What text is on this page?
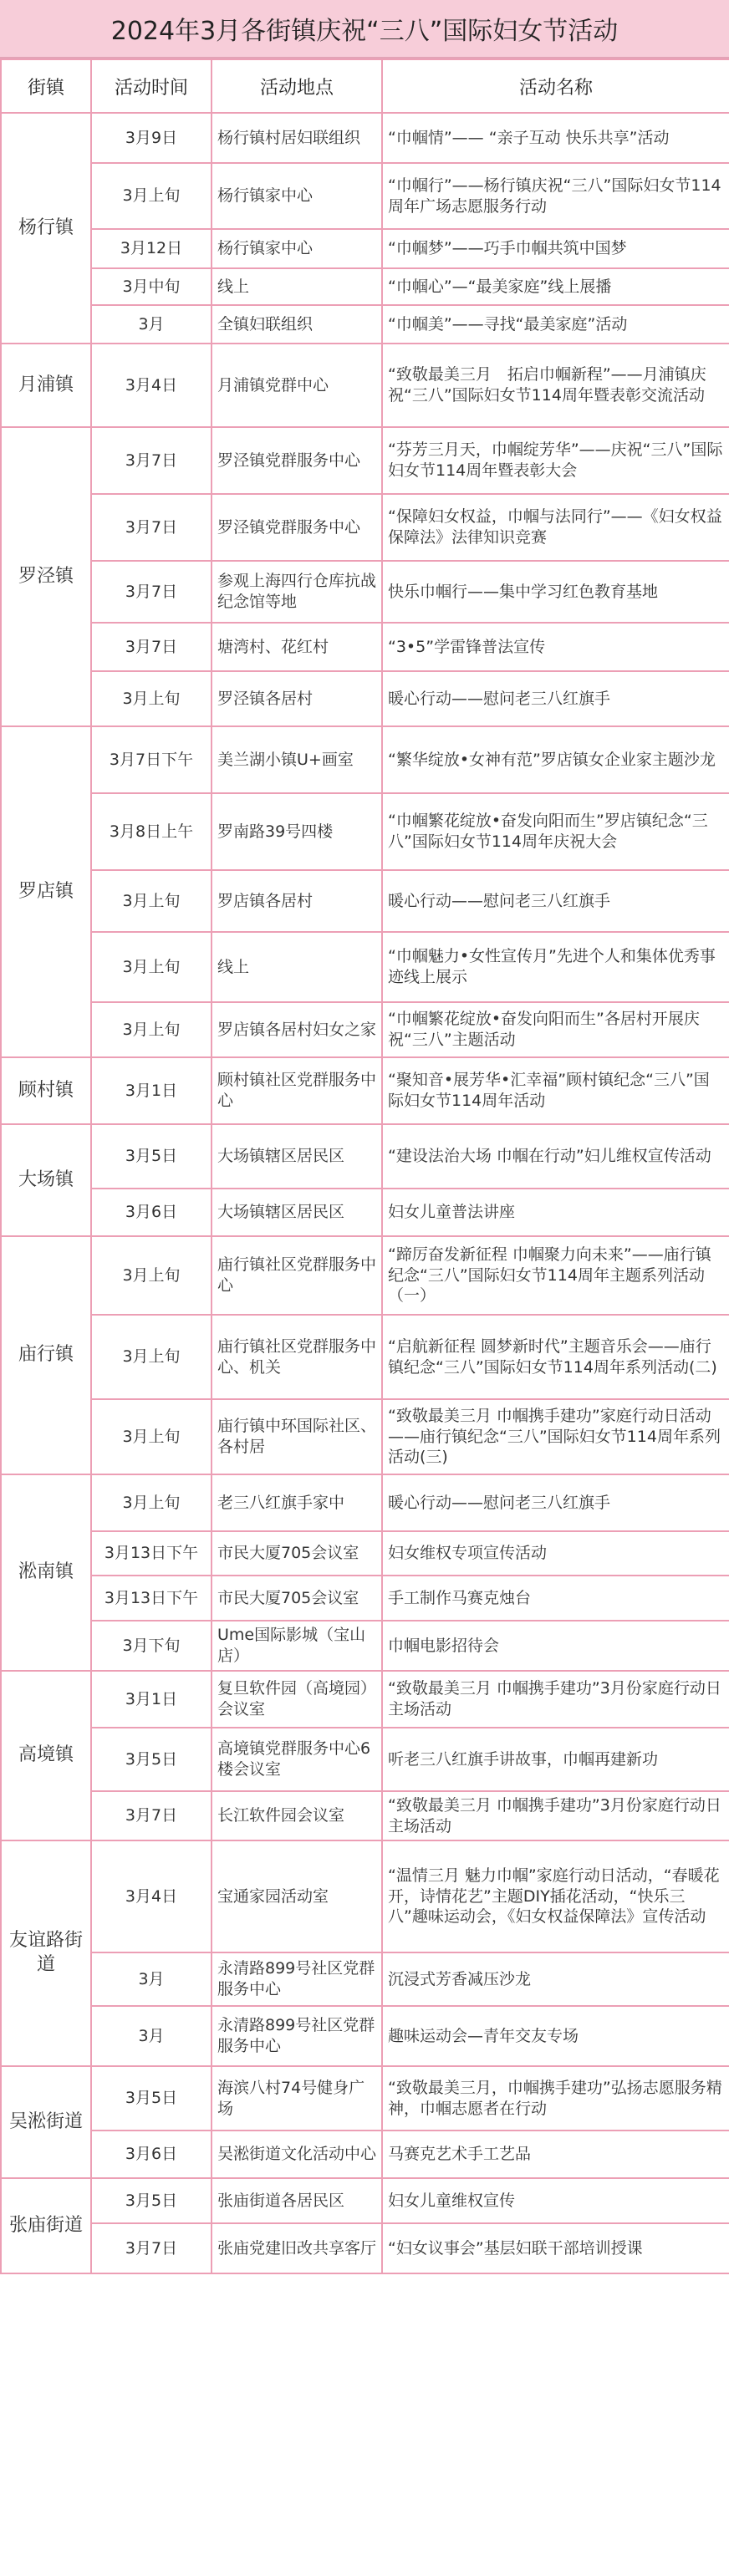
2024年3月各街镇庆祝“三八”国际妇女节活动
街镇	活动时间	活动地点	活动名称
杨行镇	3月9日	杨行镇村居妇联组织	“巾帼情”—— “亲子互动 快乐共享”活动
	3月上旬	杨行镇家中心	“巾帼行”——杨行镇庆祝“三八”国际妇女节114周年广场志愿服务行动
	3月12日	杨行镇家中心	“巾帼梦”——巧手巾帼共筑中国梦
	3月中旬	线上	“巾帼心”—“最美家庭”线上展播
	3月	全镇妇联组织	“巾帼美”——寻找“最美家庭”活动
月浦镇	3月4日	月浦镇党群中心	“致敬最美三月　拓启巾帼新程”——月浦镇庆祝“三八”国际妇女节114周年暨表彰交流活动
罗泾镇	3月7日	罗泾镇党群服务中心	“芬芳三月天，巾帼绽芳华”——庆祝“三八”国际妇女节114周年暨表彰大会
	3月7日	罗泾镇党群服务中心	“保障妇女权益，巾帼与法同行”——《妇女权益保障法》法律知识竞赛
	3月7日	参观上海四行仓库抗战纪念馆等地	快乐巾帼行——集中学习红色教育基地
	3月7日	塘湾村、花红村	“3•5”学雷锋普法宣传
	3月上旬	罗泾镇各居村	暖心行动——慰问老三八红旗手
罗店镇	3月7日下午	美兰湖小镇U+画室	“繁华绽放•女神有范”罗店镇女企业家主题沙龙
	3月8日上午	罗南路39号四楼	“巾帼繁花绽放•奋发向阳而生”罗店镇纪念“三八”国际妇女节114周年庆祝大会
	3月上旬	罗店镇各居村	暖心行动——慰问老三八红旗手
	3月上旬	线上	“巾帼魅力•女性宣传月”先进个人和集体优秀事迹线上展示
	3月上旬	罗店镇各居村妇女之家	“巾帼繁花绽放•奋发向阳而生”各居村开展庆祝“三八”主题活动
顾村镇	3月1日	顾村镇社区党群服务中心	“聚知音•展芳华•汇幸福”顾村镇纪念“三八”国际妇女节114周年活动
大场镇	3月5日	大场镇辖区居民区	“建设法治大场 巾帼在行动”妇儿维权宣传活动
	3月6日	大场镇辖区居民区	妇女儿童普法讲座
庙行镇	3月上旬	庙行镇社区党群服务中心	“蹄厉奋发新征程 巾帼聚力向未来”——庙行镇纪念“三八”国际妇女节114周年主题系列活动（一）
	3月上旬	庙行镇社区党群服务中心、机关	“启航新征程 圆梦新时代”主题音乐会——庙行镇纪念“三八”国际妇女节114周年系列活动(二)
	3月上旬	庙行镇中环国际社区、各村居	“致敬最美三月 巾帼携手建功”家庭行动日活动——庙行镇纪念“三八”国际妇女节114周年系列活动(三)
淞南镇	3月上旬	老三八红旗手家中	暖心行动——慰问老三八红旗手
	3月13日下午	市民大厦705会议室	妇女维权专项宣传活动
	3月13日下午	市民大厦705会议室	手工制作马赛克烛台
	3月下旬	Ume国际影城（宝山店）	巾帼电影招待会
高境镇	3月1日	复旦软件园（高境园）会议室	“致敬最美三月 巾帼携手建功”3月份家庭行动日主场活动
	3月5日	高境镇党群服务中心6楼会议室	听老三八红旗手讲故事，巾帼再建新功
	3月7日	长江软件园会议室	“致敬最美三月 巾帼携手建功”3月份家庭行动日主场活动
友谊路街道	3月4日	宝通家园活动室	“温情三月 魅力巾帼”家庭行动日活动，“春暖花开，诗情花艺”主题DIY插花活动，“快乐三八”趣味运动会，《妇女权益保障法》宣传活动
	3月	永清路899号社区党群服务中心	沉浸式芳香减压沙龙
	3月	永清路899号社区党群服务中心	趣味运动会—青年交友专场
吴淞街道	3月5日	海滨八村74号健身广场	“致敬最美三月，巾帼携手建功”弘扬志愿服务精神，巾帼志愿者在行动
	3月6日	吴淞街道文化活动中心	马赛克艺术手工艺品
张庙街道	3月5日	张庙街道各居民区	妇女儿童维权宣传
	3月7日	张庙党建旧改共享客厅	“妇女议事会”基层妇联干部培训授课
